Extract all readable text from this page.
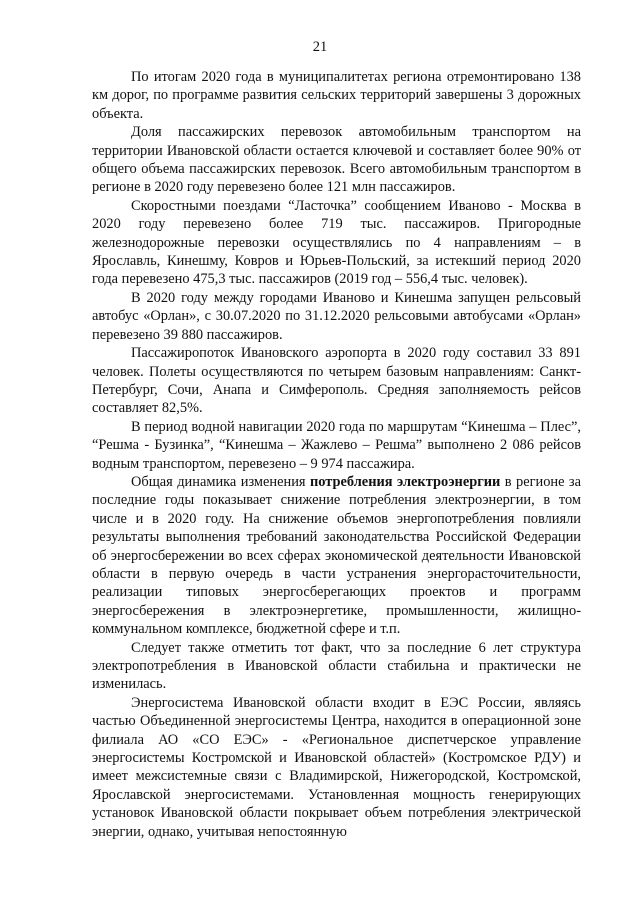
21

По итогам 2020 года в муниципалитетах региона отремонтировано 138 км дорог, по программе развития сельских территорий завершены 3 дорожных объекта.

Доля пассажирских перевозок автомобильным транспортом на территории Ивановской области остается ключевой и составляет более 90% от общего объема пассажирских перевозок. Всего автомобильным транспортом в регионе в 2020 году перевезено более 121 млн пассажиров.

Скоростными поездами “Ласточка” сообщением Иваново - Москва в 2020 году перевезено более 719 тыс. пассажиров. Пригородные железнодорожные перевозки осуществлялись по 4 направлениям – в Ярославль, Кинешму, Ковров и Юрьев-Польский, за истекший период 2020 года перевезено 475,3 тыс. пассажиров (2019 год – 556,4 тыс. человек).

В 2020 году между городами Иваново и Кинешма запущен рельсовый автобус «Орлан», с 30.07.2020 по 31.12.2020 рельсовыми автобусами «Орлан» перевезено 39 880 пассажиров.

Пассажиропоток Ивановского аэропорта в 2020 году составил 33 891 человек. Полеты осуществляются по четырем базовым направлениям: Санкт-Петербург, Сочи, Анапа и Симферополь. Средняя заполняемость рейсов составляет 82,5%.

В период водной навигации 2020 года по маршрутам “Кинешма – Плес”, “Решма - Бузинка”, “Кинешма – Жажлево – Решма” выполнено 2 086 рейсов водным транспортом, перевезено – 9 974 пассажира.

Общая динамика изменения потребления электроэнергии в регионе за последние годы показывает снижение потребления электроэнергии, в том числе и в 2020 году. На снижение объемов энергопотребления повлияли результаты выполнения требований законодательства Российской Федерации об энергосбережении во всех сферах экономической деятельности Ивановской области в первую очередь в части устранения энергорасточительности, реализации типовых энергосберегающих проектов и программ энергосбережения в электроэнергетике, промышленности, жилищно-коммунальном комплексе, бюджетной сфере и т.п.

Следует также отметить тот факт, что за последние 6 лет структура электропотребления в Ивановской области стабильна и практически не изменилась.

Энергосистема Ивановской области входит в ЕЭС России, являясь частью Объединенной энергосистемы Центра, находится в операционной зоне филиала АО «СО ЕЭС» - «Региональное диспетчерское управление энергосистемы Костромской и Ивановской областей» (Костромское РДУ) и имеет межсистемные связи с Владимирской, Нижегородской, Костромской, Ярославской энергосистемами. Установленная мощность генерирующих установок Ивановской области покрывает объем потребления электрической энергии, однако, учитывая непостоянную
